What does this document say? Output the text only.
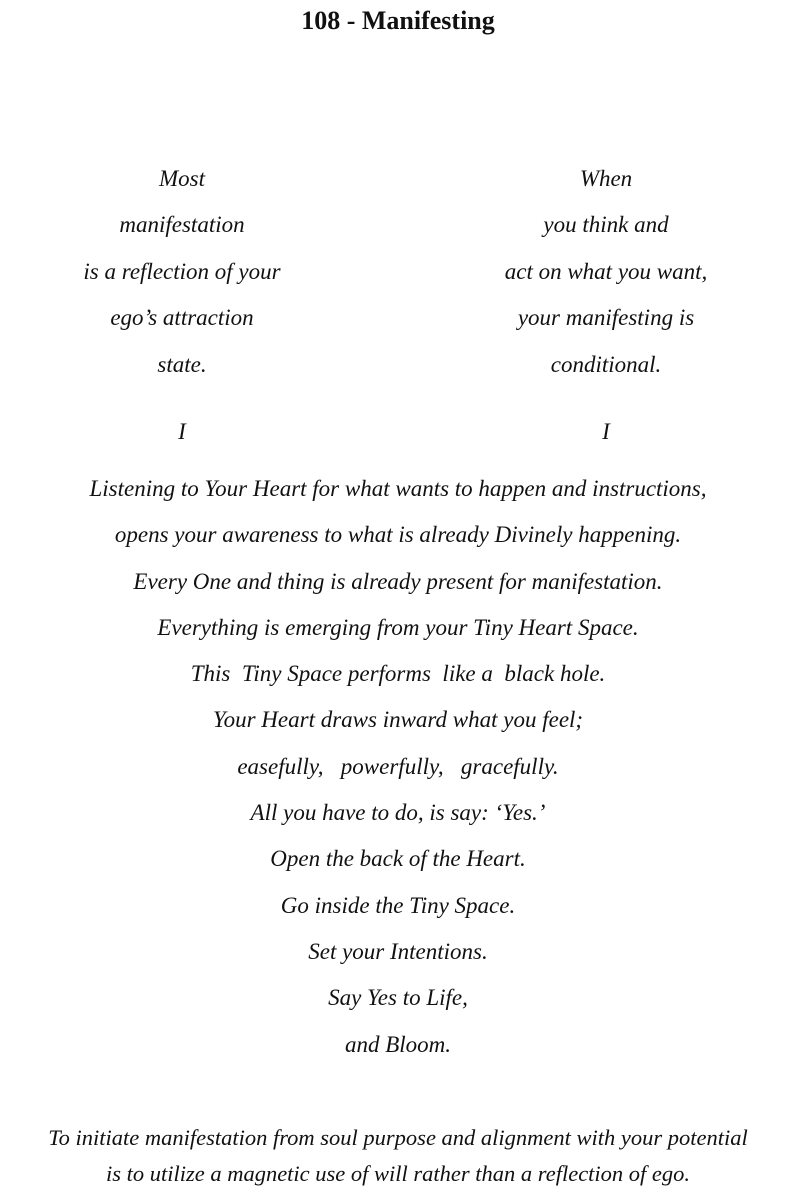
108 - Manifesting
Most
manifestation
is a reflection of your
ego’s attraction
state.
I
When
you think and
act on what you want,
your manifesting is
conditional.
I
Listening to Your Heart for what wants to happen and instructions,
opens your awareness to what is already Divinely happening.
Every One and thing is already present for manifestation.
Everything is emerging from your Tiny Heart Space.
This  Tiny Space performs  like a  black hole.
Your Heart draws inward what you feel;
easefully,   powerfully,   gracefully.
All you have to do, is say: ‘Yes.’
Open the back of the Heart.
Go inside the Tiny Space.
Set your Intentions.
Say Yes to Life,
and Bloom.
To initiate manifestation from soul purpose and alignment with your potential
is to utilize a magnetic use of will rather than a reflection of ego.
